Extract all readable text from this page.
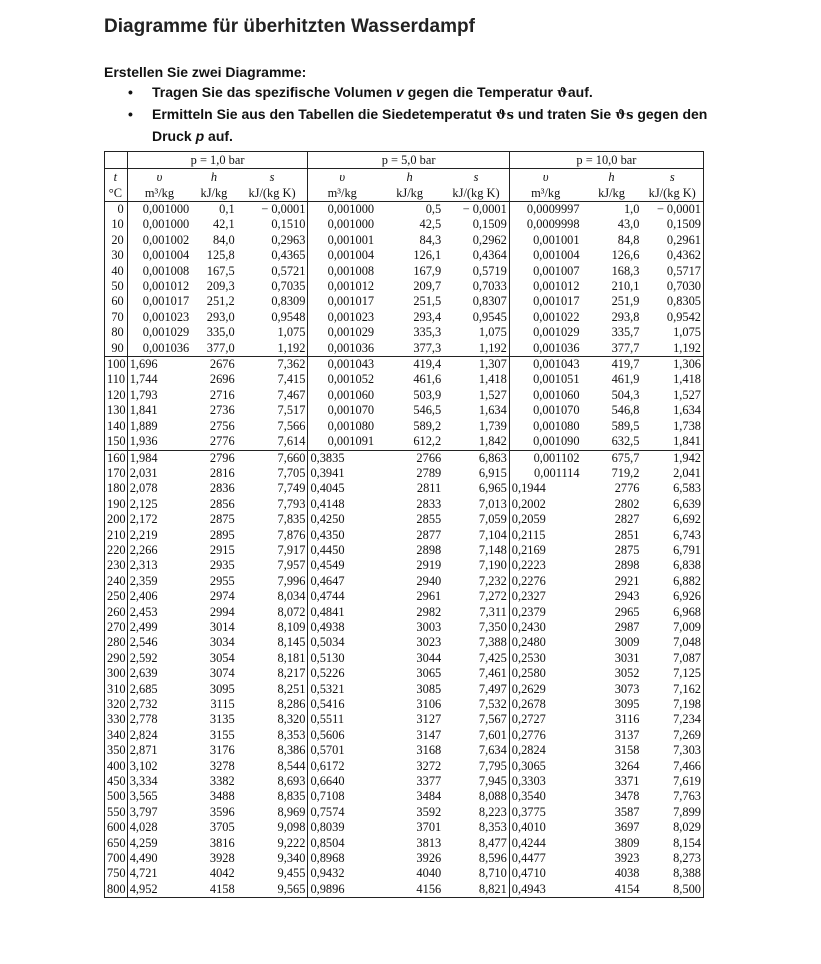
Diagramme für überhitzten Wasserdampf
Erstellen Sie zwei Diagramme:
• Tragen Sie das spezifische Volumen v gegen die Temperatur ϑauf.
• Ermitteln Sie aus den Tabellen die Siedetemperatut ϑs und traten Sie ϑs gegen den Druck p auf.
	p = 1,0 bar			p = 5,0 bar			p = 10,0 bar		
t	υ	h	s	υ	h	s	υ	h	s
°C	m³/kg	kJ/kg	kJ/(kg K)	m³/kg	kJ/kg	kJ/(kg K)	m³/kg	kJ/kg	kJ/(kg K)
0	0,001000	0,1	− 0,0001	0,001000	0,5	− 0,0001	0,0009997	1,0	− 0,0001
10	0,001000	42,1	0,1510	0,001000	42,5	0,1509	0,0009998	43,0	0,1509
20	0,001002	84,0	0,2963	0,001001	84,3	0,2962	0,001001	84,8	0,2961
30	0,001004	125,8	0,4365	0,001004	126,1	0,4364	0,001004	126,6	0,4362
40	0,001008	167,5	0,5721	0,001008	167,9	0,5719	0,001007	168,3	0,5717
50	0,001012	209,3	0,7035	0,001012	209,7	0,7033	0,001012	210,1	0,7030
60	0,001017	251,2	0,8309	0,001017	251,5	0,8307	0,001017	251,9	0,8305
70	0,001023	293,0	0,9548	0,001023	293,4	0,9545	0,001022	293,8	0,9542
80	0,001029	335,0	1,075	0,001029	335,3	1,075	0,001029	335,7	1,075
90	0,001036	377,0	1,192	0,001036	377,3	1,192	0,001036	377,7	1,192
100	1,696	2676	7,362	0,001043	419,4	1,307	0,001043	419,7	1,306
110	1,744	2696	7,415	0,001052	461,6	1,418	0,001051	461,9	1,418
120	1,793	2716	7,467	0,001060	503,9	1,527	0,001060	504,3	1,527
130	1,841	2736	7,517	0,001070	546,5	1,634	0,001070	546,8	1,634
140	1,889	2756	7,566	0,001080	589,2	1,739	0,001080	589,5	1,738
150	1,936	2776	7,614	0,001091	612,2	1,842	0,001090	632,5	1,841
160	1,984	2796	7,660	0,3835	2766	6,863	0,001102	675,7	1,942
170	2,031	2816	7,705	0,3941	2789	6,915	0,001114	719,2	2,041
180	2,078	2836	7,749	0,4045	2811	6,965	0,1944	2776	6,583
190	2,125	2856	7,793	0,4148	2833	7,013	0,2002	2802	6,639
200	2,172	2875	7,835	0,4250	2855	7,059	0,2059	2827	6,692
210	2,219	2895	7,876	0,4350	2877	7,104	0,2115	2851	6,743
220	2,266	2915	7,917	0,4450	2898	7,148	0,2169	2875	6,791
230	2,313	2935	7,957	0,4549	2919	7,190	0,2223	2898	6,838
240	2,359	2955	7,996	0,4647	2940	7,232	0,2276	2921	6,882
250	2,406	2974	8,034	0,4744	2961	7,272	0,2327	2943	6,926
260	2,453	2994	8,072	0,4841	2982	7,311	0,2379	2965	6,968
270	2,499	3014	8,109	0,4938	3003	7,350	0,2430	2987	7,009
280	2,546	3034	8,145	0,5034	3023	7,388	0,2480	3009	7,048
290	2,592	3054	8,181	0,5130	3044	7,425	0,2530	3031	7,087
300	2,639	3074	8,217	0,5226	3065	7,461	0,2580	3052	7,125
310	2,685	3095	8,251	0,5321	3085	7,497	0,2629	3073	7,162
320	2,732	3115	8,286	0,5416	3106	7,532	0,2678	3095	7,198
330	2,778	3135	8,320	0,5511	3127	7,567	0,2727	3116	7,234
340	2,824	3155	8,353	0,5606	3147	7,601	0,2776	3137	7,269
350	2,871	3176	8,386	0,5701	3168	7,634	0,2824	3158	7,303
400	3,102	3278	8,544	0,6172	3272	7,795	0,3065	3264	7,466
450	3,334	3382	8,693	0,6640	3377	7,945	0,3303	3371	7,619
500	3,565	3488	8,835	0,7108	3484	8,088	0,3540	3478	7,763
550	3,797	3596	8,969	0,7574	3592	8,223	0,3775	3587	7,899
600	4,028	3705	9,098	0,8039	3701	8,353	0,4010	3697	8,029
650	4,259	3816	9,222	0,8504	3813	8,477	0,4244	3809	8,154
700	4,490	3928	9,340	0,8968	3926	8,596	0,4477	3923	8,273
750	4,721	4042	9,455	0,9432	4040	8,710	0,4710	4038	8,388
800	4,952	4158	9,565	0,9896	4156	8,821	0,4943	4154	8,500
